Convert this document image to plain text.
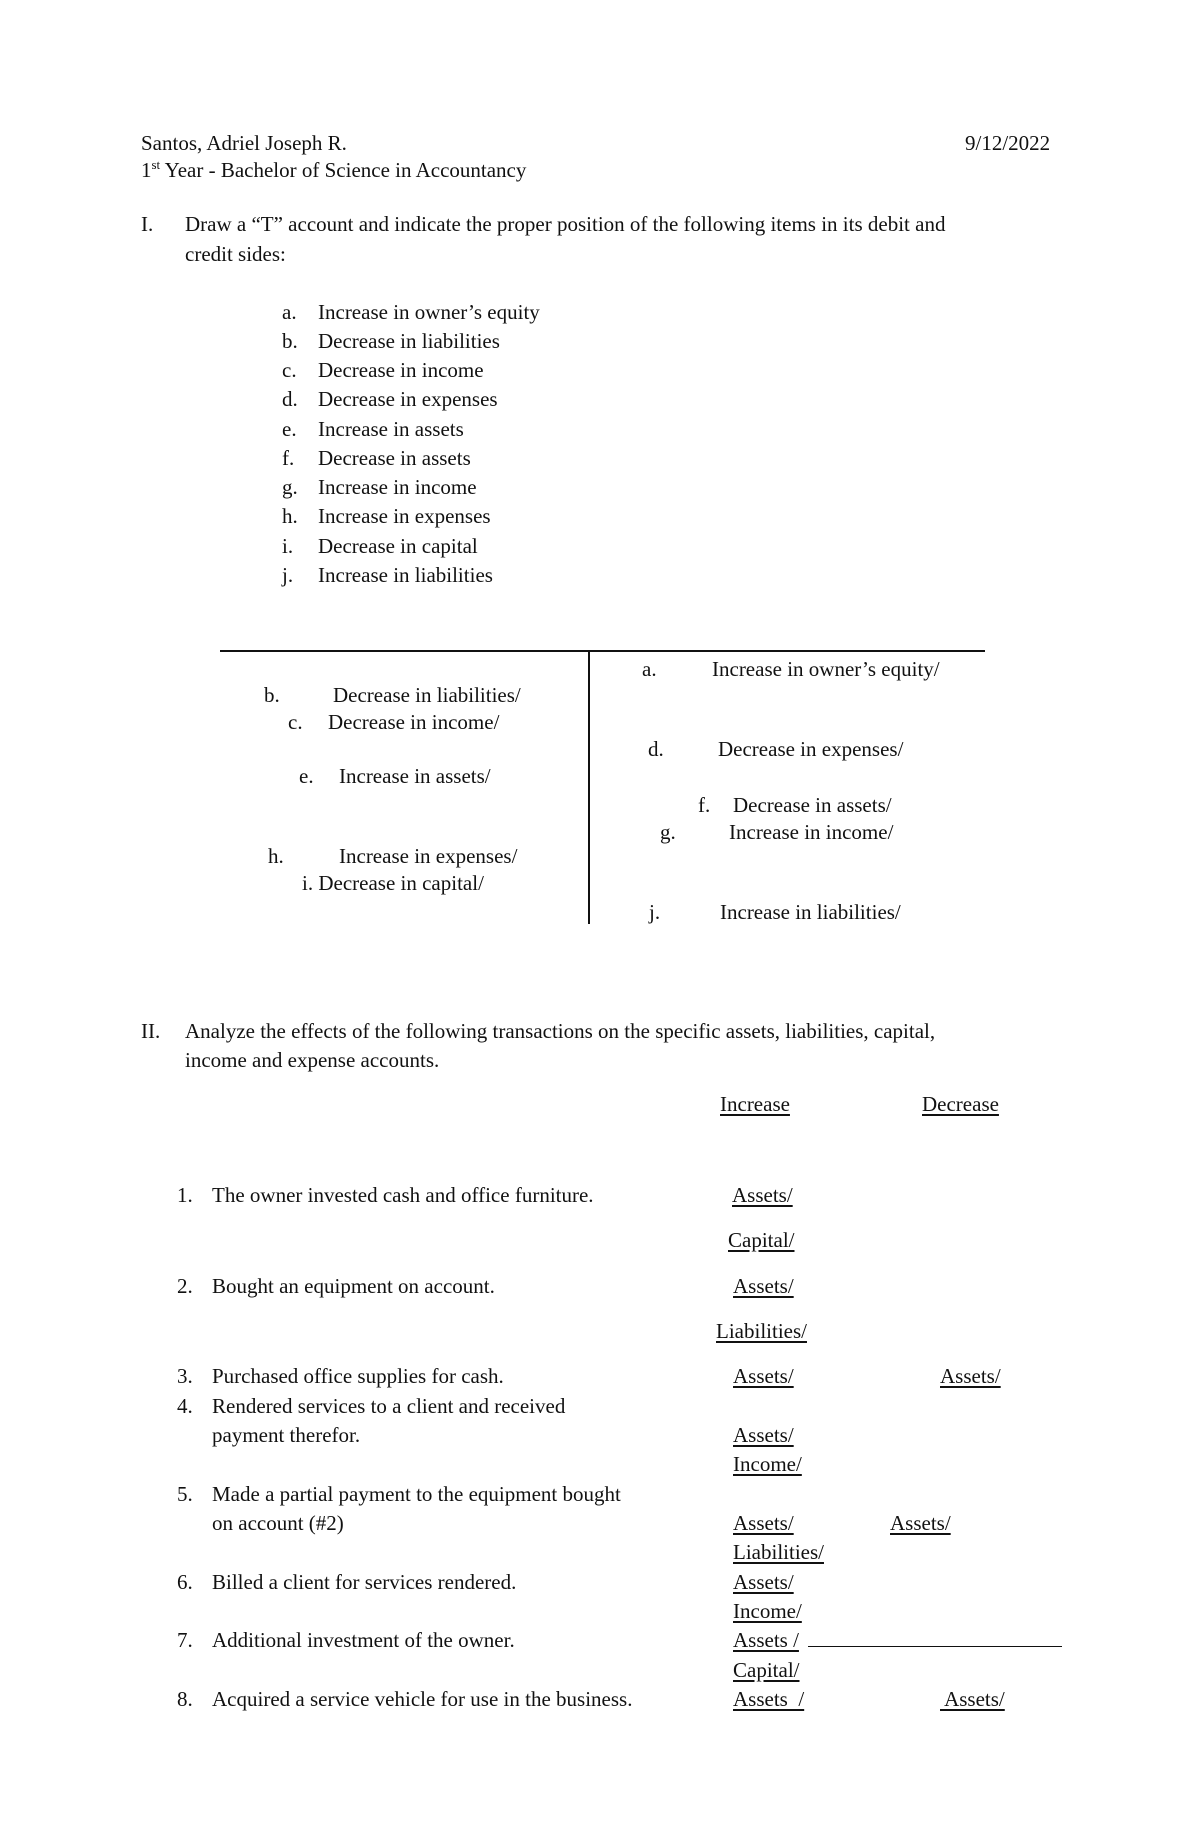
Santos, Adriel Joseph R.	9/12/2022
1st Year - Bachelor of Science in Accountancy
I. Draw a “T” account and indicate the proper position of the following items in its debit and
credit sides:
a. Increase in owner’s equity
b. Decrease in liabilities
c. Decrease in income
d. Decrease in expenses
e. Increase in assets
f. Decrease in assets
g. Increase in income
h. Increase in expenses
i. Decrease in capital
j. Increase in liabilities
b.	Decrease in liabilities/
c. Decrease in income/
e. Increase in assets/
h.	Increase in expenses/
i. Decrease in capital/
a.	Increase in owner’s equity/
d.	Decrease in expenses/
f. Decrease in assets/
g.	Increase in income/
j.	Increase in liabilities/
II. Analyze the effects of the following transactions on the specific assets, liabilities, capital,
income and expense accounts.
Increase	Decrease
1. The owner invested cash and office furniture.	Assets/
Capital/
2. Bought an equipment on account.	Assets/
Liabilities/
3. Purchased office supplies for cash.	Assets/	Assets/
4. Rendered services to a client and received
payment therefor.	Assets/
Income/
5. Made a partial payment to the equipment bought
on account (#2)	Assets/	Assets/
Liabilities/
6. Billed a client for services rendered.	Assets/
Income/
7. Additional investment of the owner.	Assets /
Capital/
8. Acquired a service vehicle for use in the business.	Assets  /	Assets/
